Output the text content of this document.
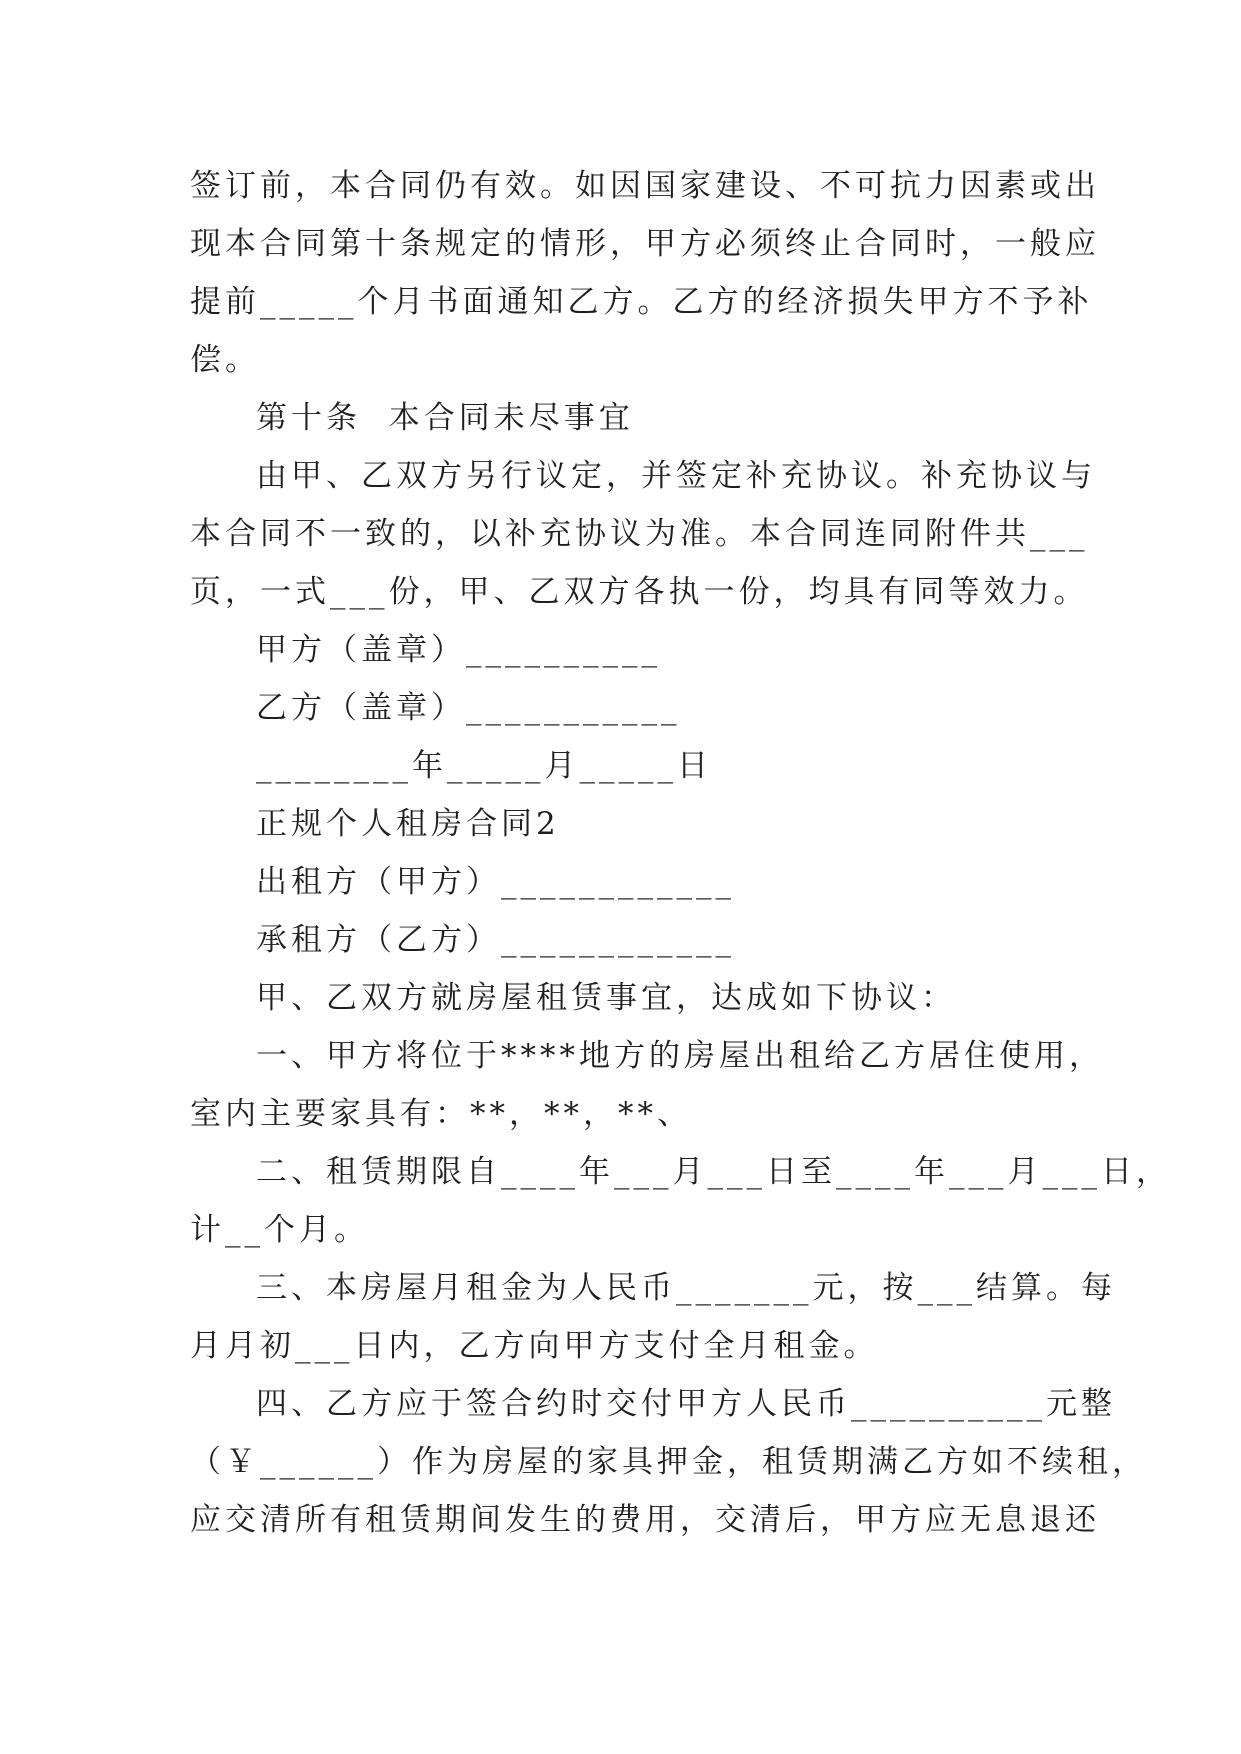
签订前，本合同仍有效。如因国家建设、不可抗力因素或出

现本合同第十条规定的情形，甲方必须终止合同时，一般应

提前_____个月书面通知乙方。乙方的经济损失甲方不予补

偿。

第十条  本合同未尽事宜

由甲、乙双方另行议定，并签定补充协议。补充协议与

本合同不一致的，以补充协议为准。本合同连同附件共___

页，一式___份，甲、乙双方各执一份，均具有同等效力。

甲方（盖章）__________

乙方（盖章）___________

________年_____月_____日

正规个人租房合同2

出租方（甲方）____________

承租方（乙方）____________

甲、乙双方就房屋租赁事宜，达成如下协议：

一、甲方将位于****地方的房屋出租给乙方居住使用，

室内主要家具有：**，**，**、

二、租赁期限自____年___月___日至____年___月___日，

计__个月。

三、本房屋月租金为人民币_______元，按___结算。每

月月初___日内，乙方向甲方支付全月租金。

四、乙方应于签合约时交付甲方人民币__________元整

（￥______）作为房屋的家具押金，租赁期满乙方如不续租，

应交清所有租赁期间发生的费用，交清后，甲方应无息退还
